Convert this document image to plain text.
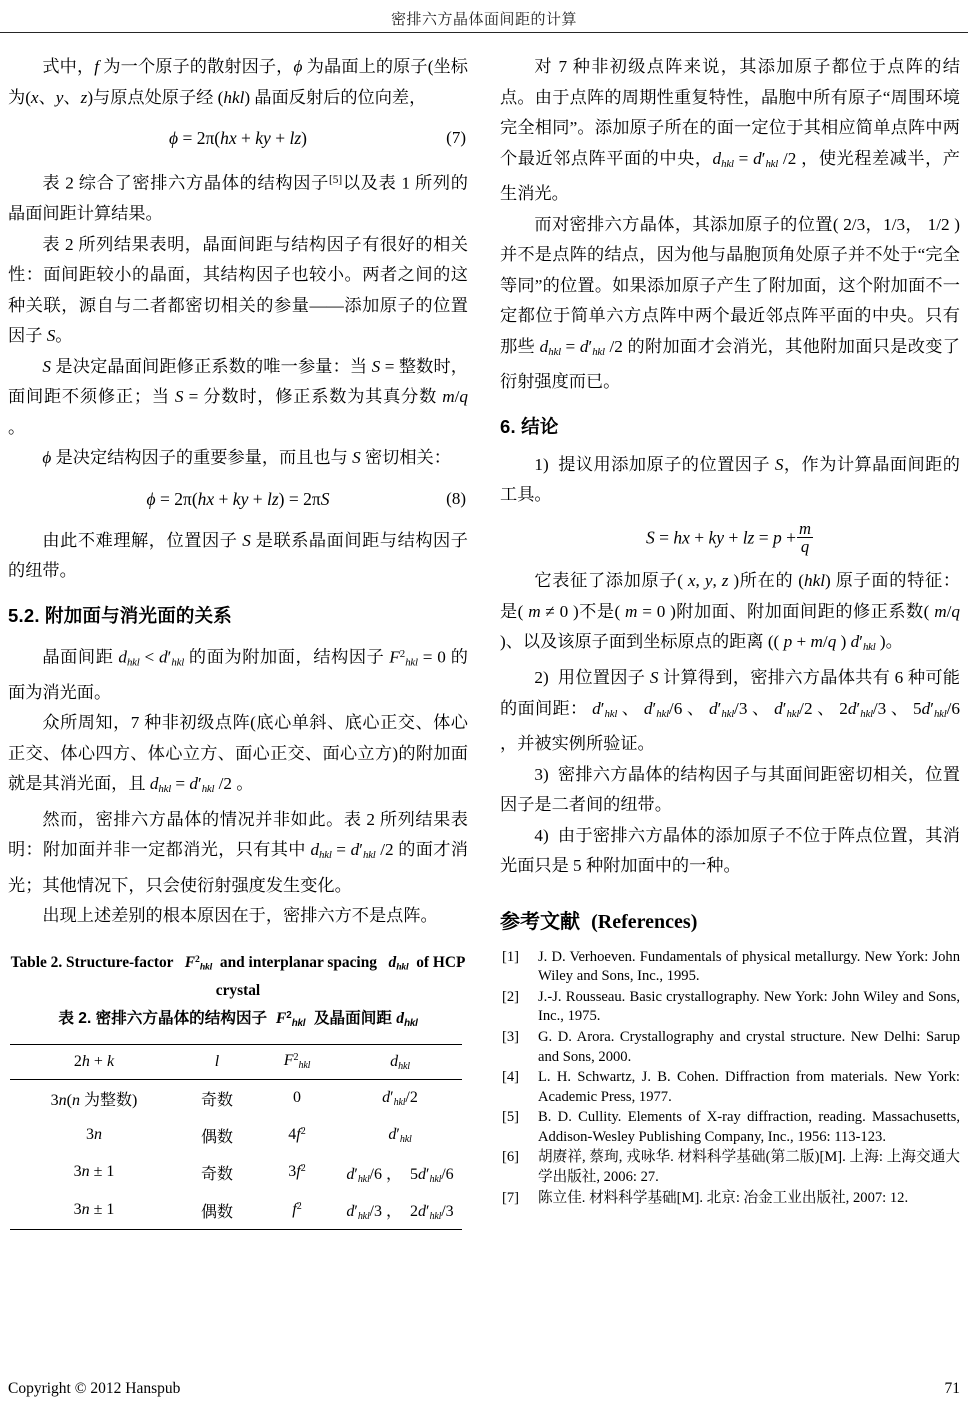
密排六方晶体面间距的计算

式中，f 为一个原子的散射因子，ϕ 为晶面上的原子(坐标为(x、y、z)与原点处原子经 (hkl) 晶面反射后的位向差，

ϕ = 2π(hx + ky + lz)	(7)

表 2 综合了密排六方晶体的结构因子[5]以及表 1 所列的晶面间距计算结果。

表 2 所列结果表明，晶面间距与结构因子有很好的相关性：面间距较小的晶面，其结构因子也较小。两者之间的这种关联，源自与二者都密切相关的参量——添加原子的位置因子 S。

S 是决定晶面间距修正系数的唯一参量：当 S = 整数时，面间距不须修正；当 S = 分数时，修正系数为其真分数 m/q 。

ϕ 是决定结构因子的重要参量，而且也与 S 密切相关：

ϕ = 2π(hx + ky + lz) = 2πS	(8)

由此不难理解，位置因子 S 是联系晶面间距与结构因子的纽带。

5.2. 附加面与消光面的关系

晶面间距 $d_{hkl} < d'_{hkl}$ 的面为附加面，结构因子 $F^2_{hkl} = 0$ 的面为消光面。

众所周知，7 种非初级点阵(底心单斜、底心正交、体心正交、体心四方、体心立方、面心正交、面心立方)的附加面就是其消光面，且 $d_{hkl} = d'_{hkl}$ /2 。

然而，密排六方晶体的情况并非如此。表 2 所列结果表明：附加面并非一定都消光，只有其中 $d_{hkl} = d'_{hkl}$ /2 的面才消光；其他情况下，只会使衍射强度发生变化。

出现上述差别的根本原因在于，密排六方不是点阵。

Table 2. Structure-factor $F^2_{hkl}$ and interplanar spacing $d_{hkl}$ of HCP
crystal
表 2. 密排六方晶体的结构因子 $F^2_{hkl}$ 及晶面间距 $d_{hkl}$
2h + k	l	$F^2_{hkl}$	$d_{hkl}$
3n(n 为整数)	奇数	0	$d'_{hkl}/2$
3n	偶数	$4f^2$	$d'_{hkl}$
3n ± 1	奇数	$3f^2$	$d'_{hkl}/6$ ，  $5d'_{hkl}/6$
3n ± 1	偶数	$f^2$	$d'_{hkl}/3$ ，  $2d'_{hkl}/3$

对 7 种非初级点阵来说，其添加原子都位于点阵的结点。由于点阵的周期性重复特性，晶胞中所有原子“周围环境完全相同”。添加原子所在的面一定位于其相应简单点阵中两个最近邻点阵平面的中央，$d_{hkl} = d'_{hkl}$ /2 ，使光程差减半，产生消光。

而对密排六方晶体，其添加原子的位置( 2/3，1/3， 1/2 )并不是点阵的结点，因为他与晶胞顶角处原子并不处于“完全等同”的位置。如果添加原子产生了附加面，这个附加面不一定都位于简单六方点阵中两个最近邻点阵平面的中央。只有那些 $d_{hkl} = d'_{hkl}$ /2 的附加面才会消光，其他附加面只是改变了衍射强度而已。

6. 结论

1)  提议用添加原子的位置因子 S，作为计算晶面间距的工具。

S = hx + ky + lz = $p + \frac{m}{q}$

它表征了添加原子( x, y, z )所在的 (hkl) 原子面的特征：是( m ≠ 0 )不是( m = 0 )附加面、附加面间距的修正系数( m/q )、以及该原子面到坐标原点的距离 (( p + m/q ) $d'_{hkl}$ )。

2)  用位置因子 S 计算得到，密排六方晶体共有 6 种可能的面间距： $d'_{hkl}$ 、 $d'_{hkl}/6$ 、 $d'_{hkl}/3$ 、 $d'_{hkl}/2$ 、 $2d'_{hkl}/3$ 、 $5d'_{hkl}/6$ ，并被实例所验证。

3)  密排六方晶体的结构因子与其面间距密切相关，位置因子是二者间的纽带。

4)  由于密排六方晶体的添加原子不位于阵点位置，其消光面只是 5 种附加面中的一种。

参考文献 (References)
[1] J. D. Verhoeven. Fundamentals of physical metallurgy. New York: John Wiley and Sons, Inc., 1995.
[2] J.-J. Rousseau. Basic crystallography. New York: John Wiley and Sons, Inc., 1975.
[3] G. D. Arora. Crystallography and crystal structure. New Delhi: Sarup and Sons, 2000.
[4] L. H. Schwartz, J. B. Cohen. Diffraction from materials. New York: Academic Press, 1977.
[5] B. D. Cullity. Elements of X-ray diffraction, reading. Massachusetts, Addison-Wesley Publishing Company, Inc., 1956: 113-123.
[6] 胡赓祥, 蔡珣, 戎咏华. 材料科学基础(第二版)[M]. 上海: 上海交通大学出版社, 2006: 27.
[7] 陈立佳. 材料科学基础[M]. 北京: 冶金工业出版社, 2007: 12.
Copyright © 2012 Hanspub	71
